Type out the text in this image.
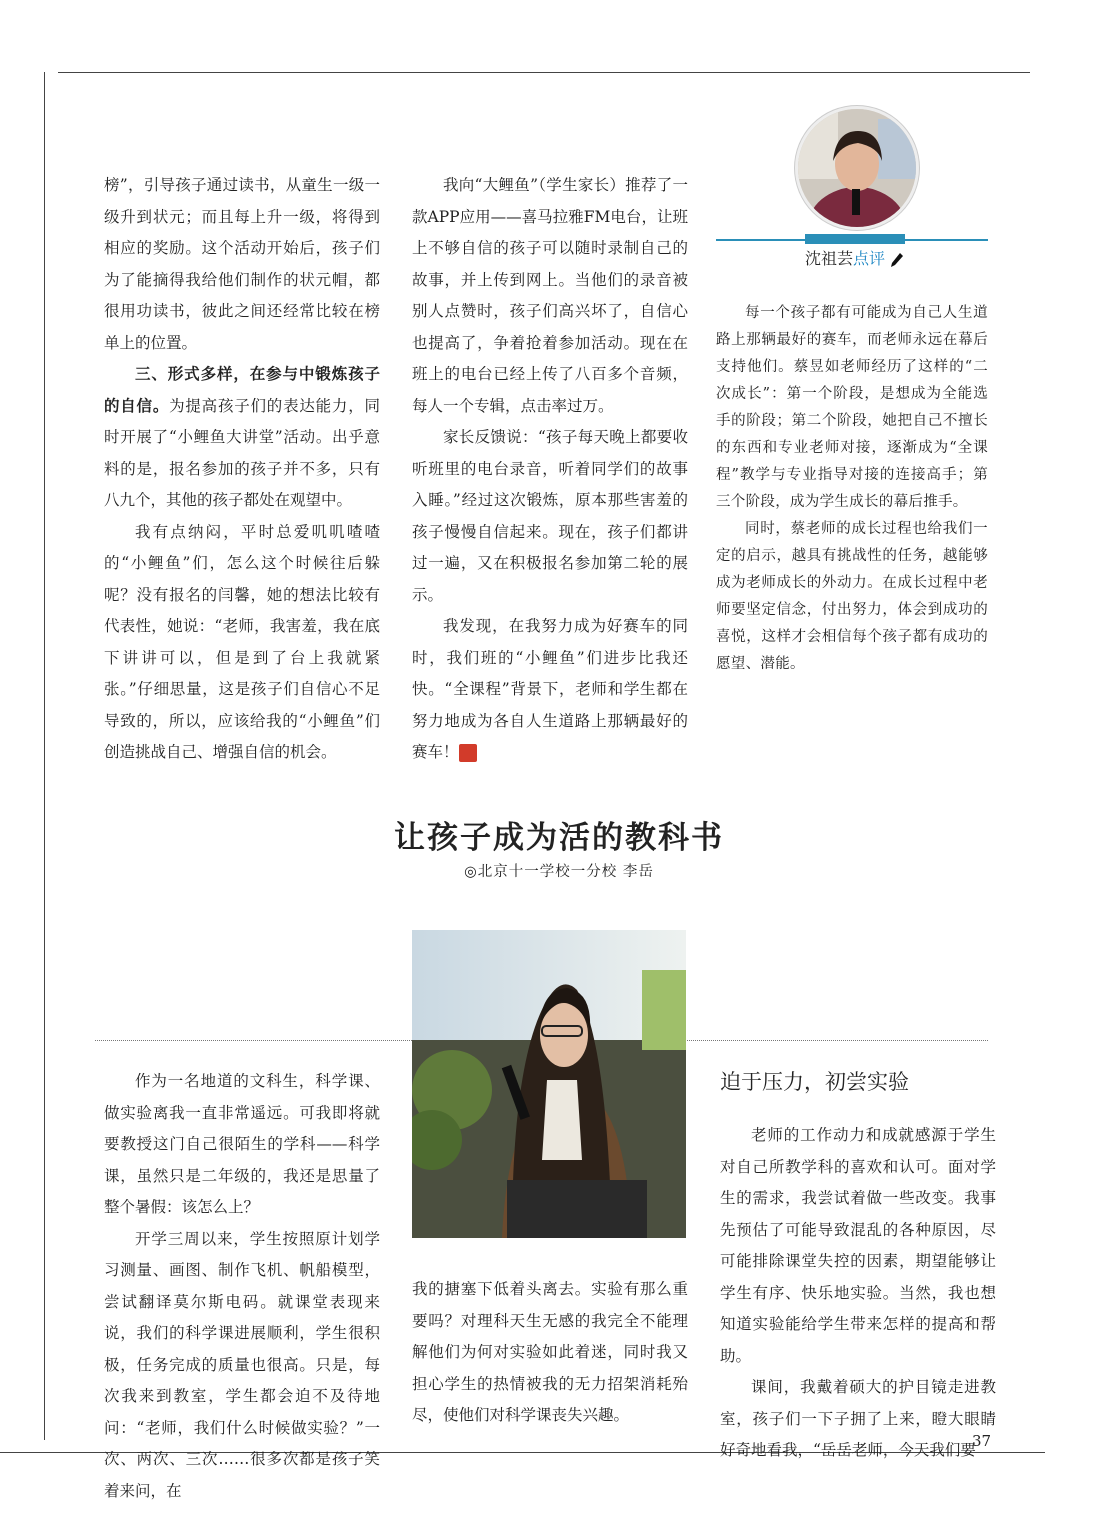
榜”，引导孩子通过读书，从童生一级一级升到状元；而且每上升一级，将得到相应的奖励。这个活动开始后，孩子们为了能摘得我给他们制作的状元帽，都很用功读书，彼此之间还经常比较在榜单上的位置。

三、形式多样，在参与中锻炼孩子的自信。为提高孩子们的表达能力，同时开展了“小鲤鱼大讲堂”活动。出乎意料的是，报名参加的孩子并不多，只有八九个，其他的孩子都处在观望中。

我有点纳闷，平时总爱叽叽喳喳的“小鲤鱼”们，怎么这个时候往后躲呢？没有报名的闫馨，她的想法比较有代表性，她说：“老师，我害羞，我在底下讲讲可以，但是到了台上我就紧张。”仔细思量，这是孩子们自信心不足导致的，所以，应该给我的“小鲤鱼”们创造挑战自己、增强自信的机会。

我向“大鲤鱼”（学生家长）推荐了一款APP应用——喜马拉雅FM电台，让班上不够自信的孩子可以随时录制自己的故事，并上传到网上。当他们的录音被别人点赞时，孩子们高兴坏了，自信心也提高了，争着抢着参加活动。现在在班上的电台已经上传了八百多个音频，每人一个专辑，点击率过万。

家长反馈说：“孩子每天晚上都要收听班里的电台录音，听着同学们的故事入睡。”经过这次锻炼，原本那些害羞的孩子慢慢自信起来。现在，孩子们都讲过一遍，又在积极报名参加第二轮的展示。

我发现，在我努力成为好赛车的同时，我们班的“小鲤鱼”们进步比我还快。“全课程”背景下，老师和学生都在努力地成为各自人生道路上那辆最好的赛车！	家

沈祖芸点评

每一个孩子都有可能成为自己人生道路上那辆最好的赛车，而老师永远在幕后支持他们。蔡昱如老师经历了这样的“二次成长”：第一个阶段，是想成为全能选手的阶段；第二个阶段，她把自己不擅长的东西和专业老师对接，逐渐成为“全课程”教学与专业指导对接的连接高手；第三个阶段，成为学生成长的幕后推手。

同时，蔡老师的成长过程也给我们一定的启示，越具有挑战性的任务，越能够成为老师成长的外动力。在成长过程中老师要坚定信念，付出努力，体会到成功的喜悦，这样才会相信每个孩子都有成功的愿望、潜能。

让孩子成为活的教科书
◎北京十一学校一分校 李岳

作为一名地道的文科生，科学课、做实验离我一直非常遥远。可我即将就要教授这门自己很陌生的学科——科学课，虽然只是二年级的，我还是思量了整个暑假：该怎么上？

开学三周以来，学生按照原计划学习测量、画图、制作飞机、帆船模型，尝试翻译莫尔斯电码。就课堂表现来说，我们的科学课进展顺利，学生很积极，任务完成的质量也很高。只是，每次我来到教室，学生都会迫不及待地问：“老师，我们什么时候做实验？”一次、两次、三次……很多次都是孩子笑着来问，在

我的搪塞下低着头离去。实验有那么重要吗？对理科天生无感的我完全不能理解他们为何对实验如此着迷，同时我又担心学生的热情被我的无力招架消耗殆尽，使他们对科学课丧失兴趣。

迫于压力，初尝实验

老师的工作动力和成就感源于学生对自己所教学科的喜欢和认可。面对学生的需求，我尝试着做一些改变。我事先预估了可能导致混乱的各种原因，尽可能排除课堂失控的因素，期望能够让学生有序、快乐地实验。当然，我也想知道实验能给学生带来怎样的提高和帮助。

课间，我戴着硕大的护目镜走进教室，孩子们一下子拥了上来，瞪大眼睛好奇地看我，“岳岳老师，今天我们要

37
